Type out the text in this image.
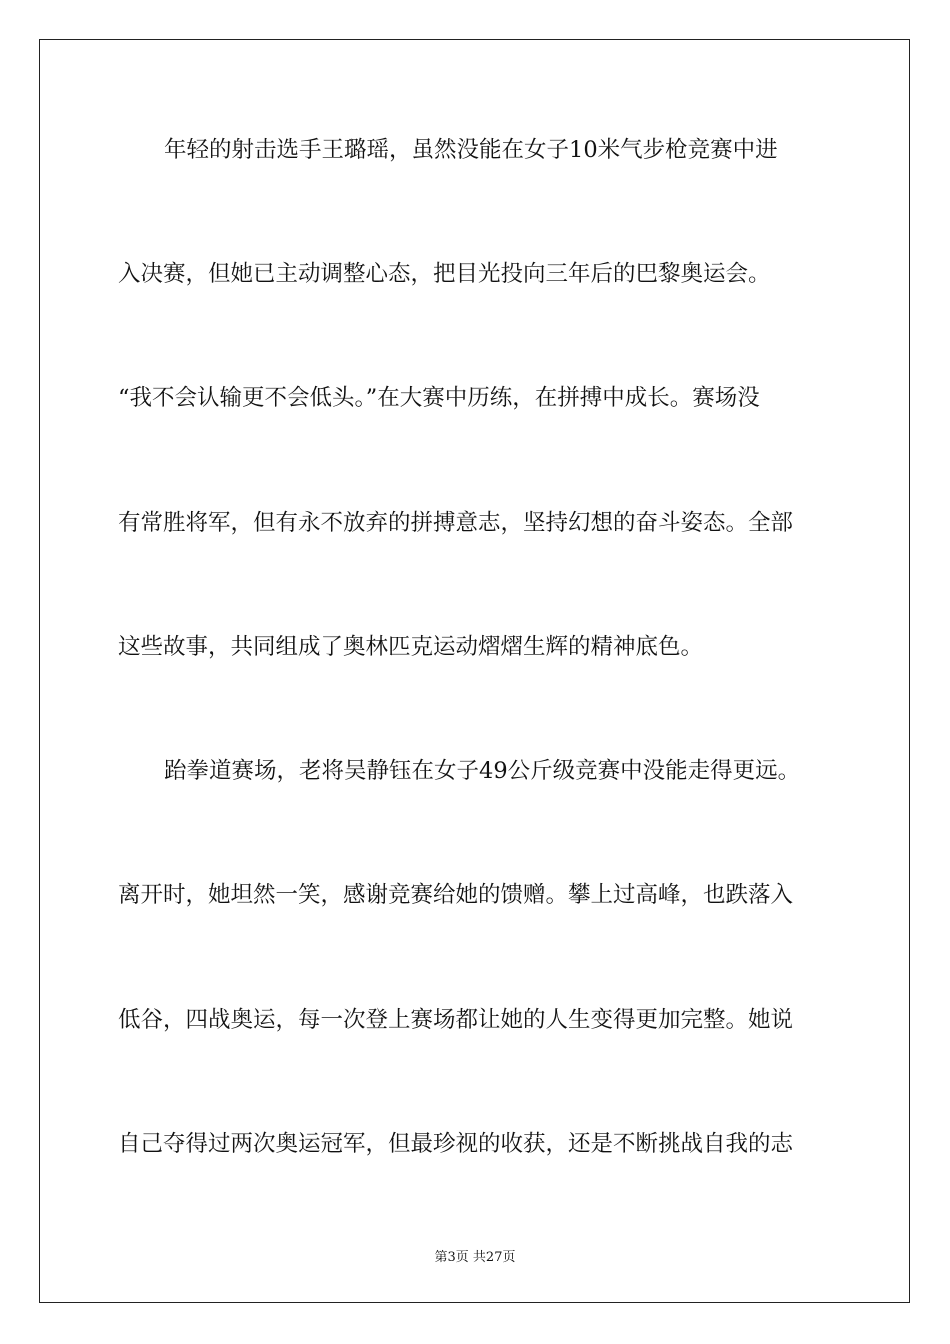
年轻的射击选手王璐瑶，虽然没能在女子10米气步枪竞赛中进
入决赛，但她已主动调整心态，把目光投向三年后的巴黎奥运会。
“我不会认输更不会低头。”在大赛中历练，在拼搏中成长。赛场没
有常胜将军，但有永不放弃的拼搏意志，坚持幻想的奋斗姿态。全部
这些故事，共同组成了奥林匹克运动熠熠生辉的精神底色。
跆拳道赛场，老将吴静钰在女子49公斤级竞赛中没能走得更远。
离开时，她坦然一笑，感谢竞赛给她的馈赠。攀上过高峰，也跌落入
低谷，四战奥运，每一次登上赛场都让她的人生变得更加完整。她说
自己夺得过两次奥运冠军，但最珍视的收获，还是不断挑战自我的志
第3页 共27页
